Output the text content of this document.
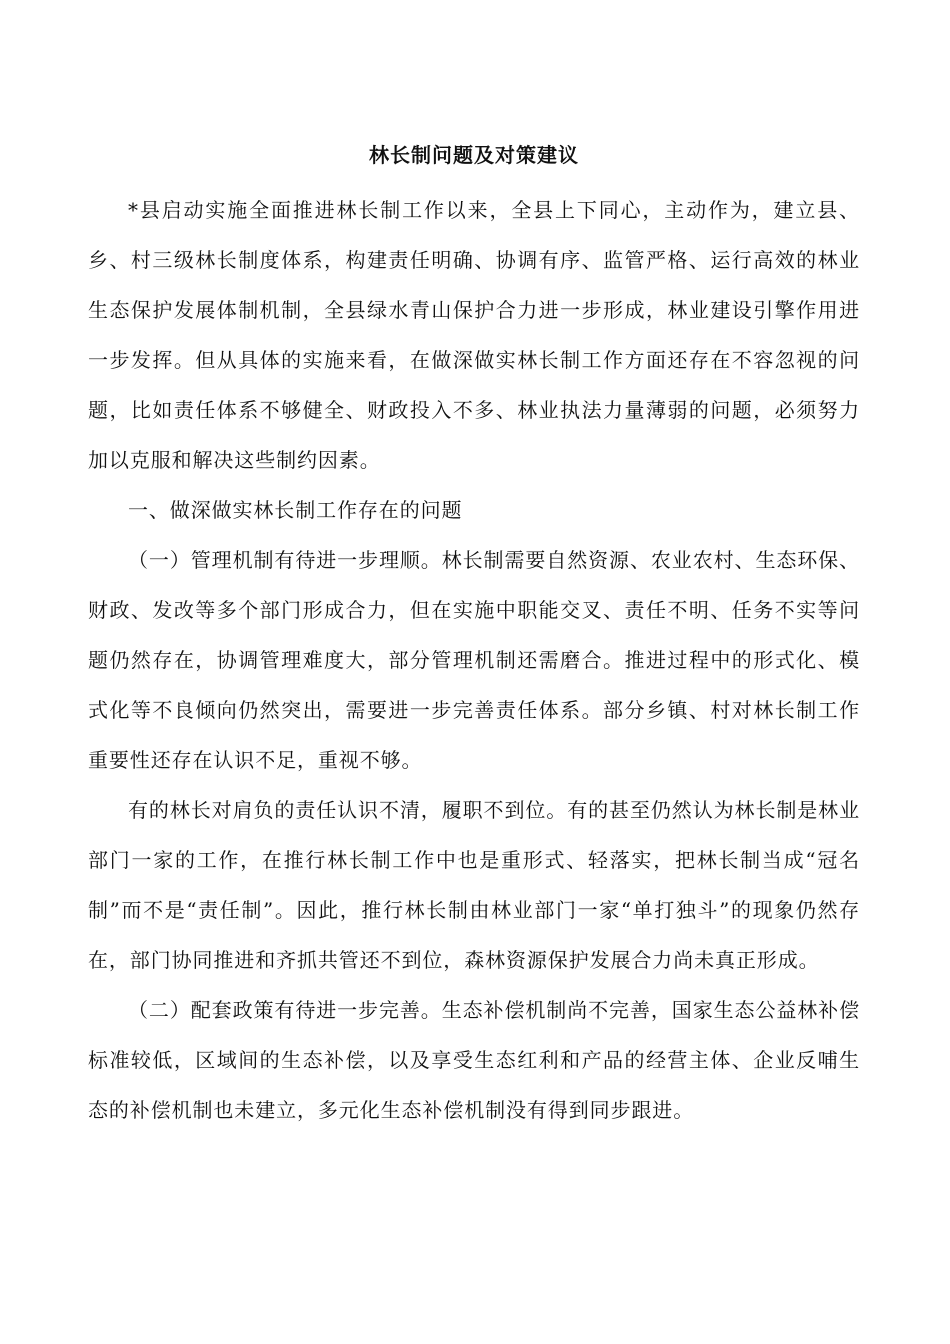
林长制问题及对策建议

*县启动实施全面推进林长制工作以来，全县上下同心，主动作为，建立县、乡、村三级林长制度体系，构建责任明确、协调有序、监管严格、运行高效的林业生态保护发展体制机制，全县绿水青山保护合力进一步形成，林业建设引擎作用进一步发挥。但从具体的实施来看，在做深做实林长制工作方面还存在不容忽视的问题，比如责任体系不够健全、财政投入不多、林业执法力量薄弱的问题，必须努力加以克服和解决这些制约因素。

一、做深做实林长制工作存在的问题

（一）管理机制有待进一步理顺。林长制需要自然资源、农业农村、生态环保、财政、发改等多个部门形成合力，但在实施中职能交叉、责任不明、任务不实等问题仍然存在，协调管理难度大，部分管理机制还需磨合。推进过程中的形式化、模式化等不良倾向仍然突出，需要进一步完善责任体系。部分乡镇、村对林长制工作重要性还存在认识不足，重视不够。

有的林长对肩负的责任认识不清，履职不到位。有的甚至仍然认为林长制是林业部门一家的工作，在推行林长制工作中也是重形式、轻落实，把林长制当成“冠名制”而不是“责任制”。因此，推行林长制由林业部门一家“单打独斗”的现象仍然存在，部门协同推进和齐抓共管还不到位，森林资源保护发展合力尚未真正形成。

（二）配套政策有待进一步完善。生态补偿机制尚不完善，国家生态公益林补偿标准较低，区域间的生态补偿，以及享受生态红利和产品的经营主体、企业反哺生态的补偿机制也未建立，多元化生态补偿机制没有得到同步跟进。
